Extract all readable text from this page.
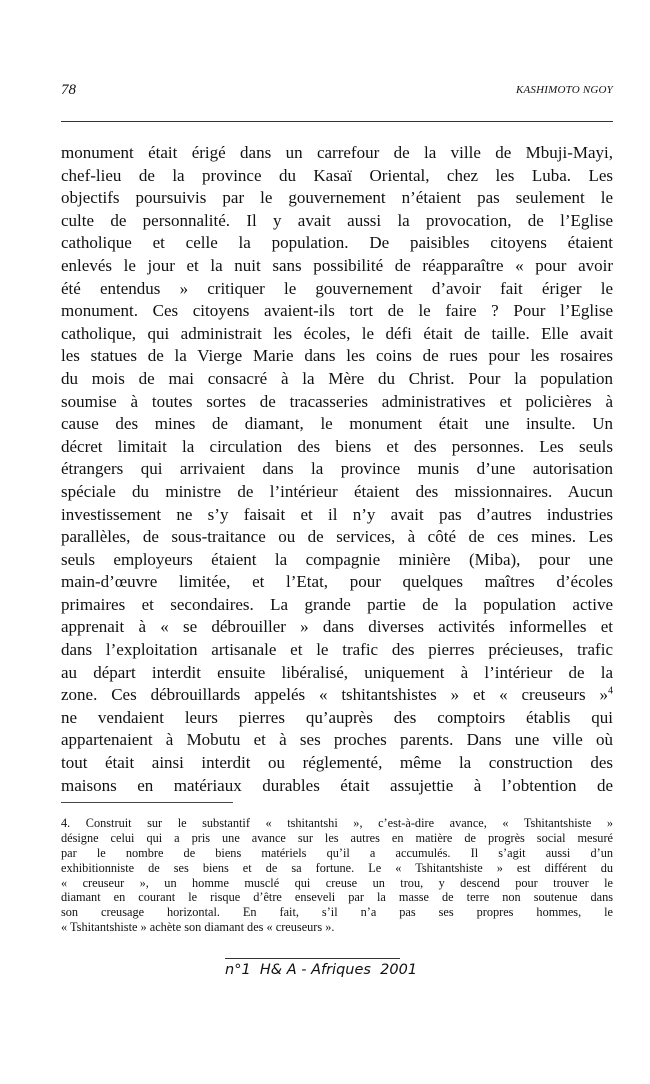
78	KASHIMOTO NGOY
monument était érigé dans un carrefour de la ville de Mbuji-Mayi,
chef-lieu de la province du Kasaï Oriental, chez les Luba. Les
objectifs poursuivis par le gouvernement n’étaient pas seulement le
culte de personnalité. Il y avait aussi la provocation, de l’Eglise
catholique et celle la population. De paisibles citoyens étaient
enlevés le jour et la nuit sans possibilité de réapparaître « pour avoir
été entendus » critiquer le gouvernement d’avoir fait ériger le
monument. Ces citoyens avaient-ils tort de le faire ? Pour l’Eglise
catholique, qui administrait les écoles, le défi était de taille. Elle avait
les statues de la Vierge Marie dans les coins de rues pour les rosaires
du mois de mai consacré à la Mère du Christ. Pour la population
soumise à toutes sortes de tracasseries administratives et policières à
cause des mines de diamant, le monument était une insulte. Un
décret limitait la circulation des biens et des personnes. Les seuls
étrangers qui arrivaient dans la province munis d’une autorisation
spéciale du ministre de l’intérieur étaient des missionnaires. Aucun
investissement ne s’y faisait et il n’y avait pas d’autres industries
parallèles, de sous-traitance ou de services, à côté de ces mines. Les
seuls employeurs étaient la compagnie minière (Miba), pour une
main-d’œuvre limitée, et l’Etat, pour quelques maîtres d’écoles
primaires et secondaires. La grande partie de la population active
apprenait à « se débrouiller » dans diverses activités informelles et
dans l’exploitation artisanale et le trafic des pierres précieuses, trafic
au départ interdit ensuite libéralisé, uniquement à l’intérieur de la
zone. Ces débrouillards appelés « tshitantshistes » et « creuseurs »$^4$
ne vendaient leurs pierres qu’auprès des comptoirs établis qui
appartenaient à Mobutu et à ses proches parents. Dans une ville où
tout était ainsi interdit ou réglementé, même la construction des
maisons en matériaux durables était assujettie à l’obtention de
4. Construit sur le substantif « tshitantshi », c’est-à-dire avance, « Tshitantshiste »
désigne celui qui a pris une avance sur les autres en matière de progrès social mesuré
par le nombre de biens matériels qu’il a accumulés. Il s’agit aussi d’un
exhibitionniste de ses biens et de sa fortune. Le « Tshitantshiste » est différent du
« creuseur », un homme musclé qui creuse un trou, y descend pour trouver le
diamant en courant le risque d’être enseveli par la masse de terre non soutenue dans
son creusage horizontal. En fait, s’il n’a pas ses propres hommes, le
« Tshitantshiste » achète son diamant des « creuseurs ».
n°1  H& A - Afriques  2001
